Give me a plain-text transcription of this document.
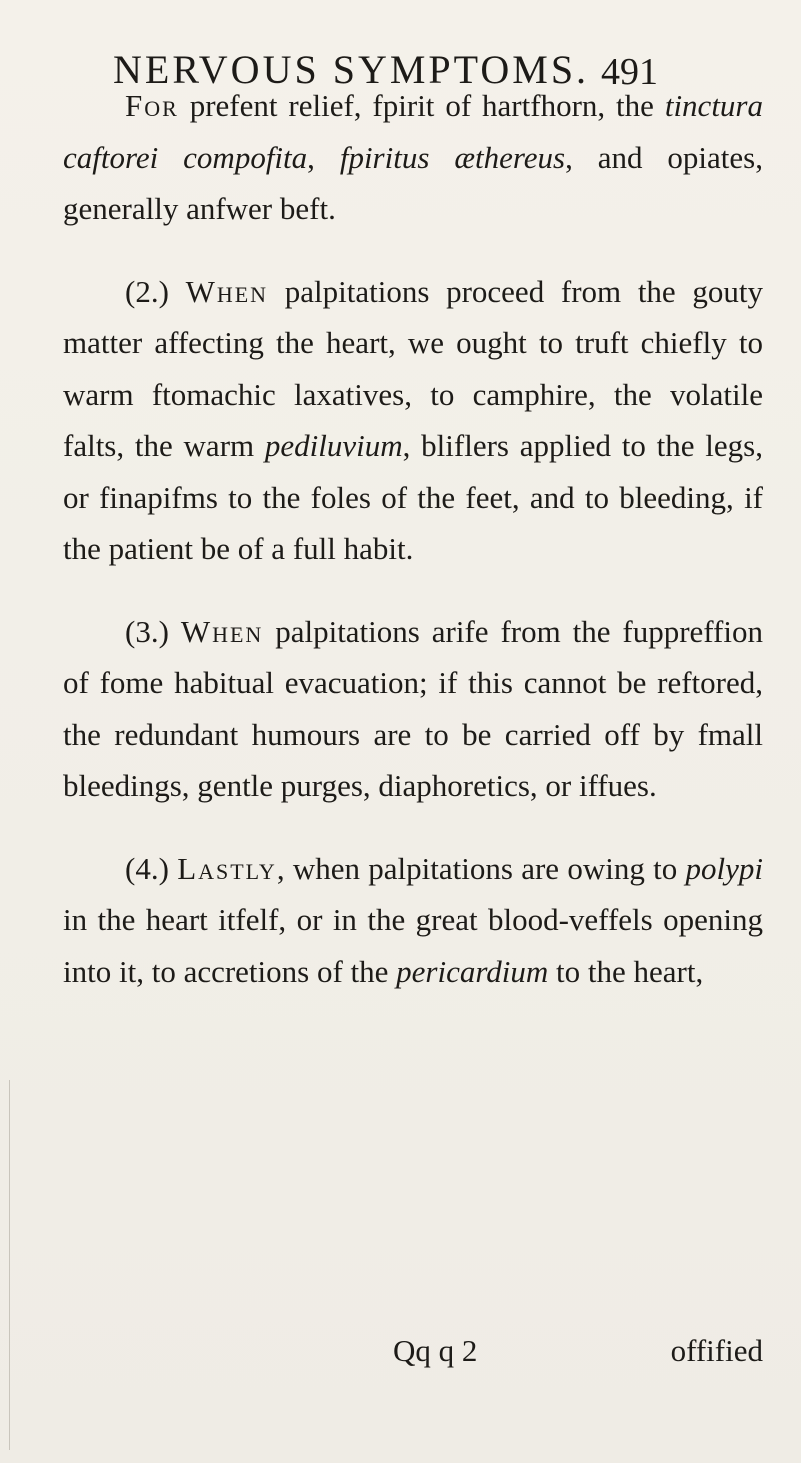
NERVOUS SYMPTOMS. 491

For prefent relief, fpirit of hartfhorn, the tinctura caftorei compofita, fpiritus æthereus, and opiates, generally anfwer beft.

(2.) When palpitations proceed from the gouty matter affecting the heart, we ought to truft chiefly to warm ftomachic laxatives, to camphire, the volatile falts, the warm pediluvium, bliflers applied to the legs, or finapifms to the foles of the feet, and to bleeding, if the patient be of a full habit.

(3.) When palpitations arife from the fuppreffion of fome habitual evacuation; if this cannot be reftored, the redundant humours are to be carried off by fmall bleedings, gentle purges, diaphoretics, or iffues.

(4.) Lastly, when palpitations are owing to polypi in the heart itfelf, or in the great blood-veffels opening into it, to accretions of the pericardium to the heart,

Qq q 2	offified
